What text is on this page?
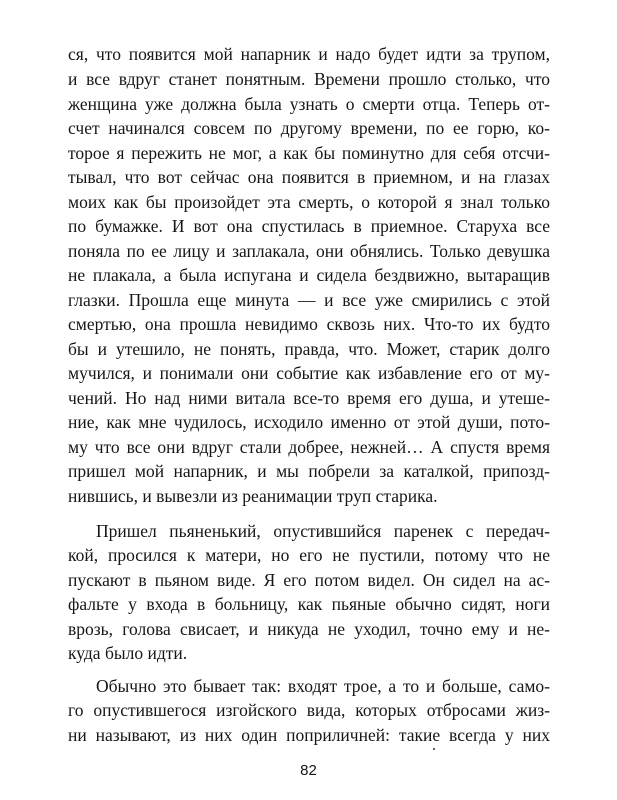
ся, что появится мой напарник и надо будет идти за трупом,
и все вдруг станет понятным. Времени прошло столько, что
женщина уже должна была узнать о смерти отца. Теперь от-
счет начинался совсем по другому времени, по ее горю, ко-
торое я пережить не мог, а как бы поминутно для себя отсчи-
тывал, что вот сейчас она появится в приемном, и на глазах
моих как бы произойдет эта смерть, о которой я знал только
по бумажке. И вот она спустилась в приемное. Старуха все
поняла по ее лицу и заплакала, они обнялись. Только девушка
не плакала, а была испугана и сидела бездвижно, вытаращив
глазки. Прошла еще минута — и все уже смирились с этой
смертью, она прошла невидимо сквозь них. Что-то их будто
бы и утешило, не понять, правда, что. Может, старик долго
мучился, и понимали они событие как избавление его от му-
чений. Но над ними витала все-то время его душа, и утеше-
ние, как мне чудилось, исходило именно от этой души, пото-
му что все они вдруг стали добрее, нежней… А спустя время
пришел мой напарник, и мы побрели за каталкой, припозд-
нившись, и вывезли из реанимации труп старика.
Пришел пьяненький, опустившийся паренек с передач-
кой, просился к матери, но его не пустили, потому что не
пускают в пьяном виде. Я его потом видел. Он сидел на ас-
фальте у входа в больницу, как пьяные обычно сидят, ноги
врозь, голова свисает, и никуда не уходил, точно ему и не-
куда было идти.
Обычно это бывает так: входят трое, а то и больше, само-
го опустившегося изгойского вида, которых отбросами жиз-
ни называют, из них один поприличней: такие всегда у них
82
